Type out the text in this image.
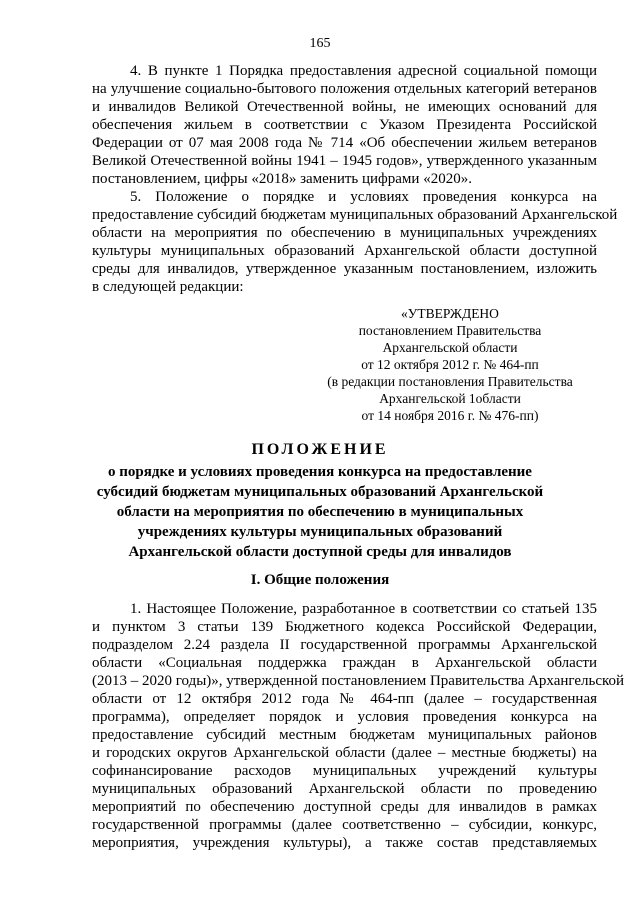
165
4. В пункте 1 Порядка предоставления адресной социальной помощи
на улучшение социально-бытового положения отдельных категорий ветеранов
и инвалидов Великой Отечественной войны, не имеющих оснований для
обеспечения жильем в соответствии с Указом Президента Российской
Федерации от 07 мая 2008 года № 714 «Об обеспечении жильем ветеранов
Великой Отечественной войны 1941 – 1945 годов», утвержденного указанным
постановлением, цифры «2018» заменить цифрами «2020».
5. Положение о порядке и условиях проведения конкурса на
предоставление субсидий бюджетам муниципальных образований Архангельской
области на мероприятия по обеспечению в муниципальных учреждениях
культуры муниципальных образований Архангельской области доступной
среды для инвалидов, утвержденное указанным постановлением, изложить
в следующей редакции:
«УТВЕРЖДЕНО
постановлением Правительства
Архангельской области
от 12 октября 2012 г. № 464-пп
(в редакции постановления Правительства
Архангельской 1области
от 14 ноября 2016 г. № 476-пп)
ПОЛОЖЕНИЕ
о порядке и условиях проведения конкурса на предоставление
субсидий бюджетам муниципальных образований Архангельской
области на мероприятия по обеспечению в муниципальных
учреждениях культуры муниципальных образований
Архангельской области доступной среды для инвалидов
I. Общие положения
1. Настоящее Положение, разработанное в соответствии со статьей 135
и пунктом 3 статьи 139 Бюджетного кодекса Российской Федерации,
подразделом 2.24 раздела II государственной программы Архангельской
области «Социальная поддержка граждан в Архангельской области
(2013 – 2020 годы)», утвержденной постановлением Правительства Архангельской
области от 12 октября 2012 года № 464-пп (далее – государственная
программа), определяет порядок и условия проведения конкурса на
предоставление субсидий местным бюджетам муниципальных районов
и городских округов Архангельской области (далее – местные бюджеты) на
софинансирование расходов муниципальных учреждений культуры
муниципальных образований Архангельской области по проведению
мероприятий по обеспечению доступной среды для инвалидов в рамках
государственной программы (далее соответственно – субсидии, конкурс,
мероприятия, учреждения культуры), а также состав представляемых
